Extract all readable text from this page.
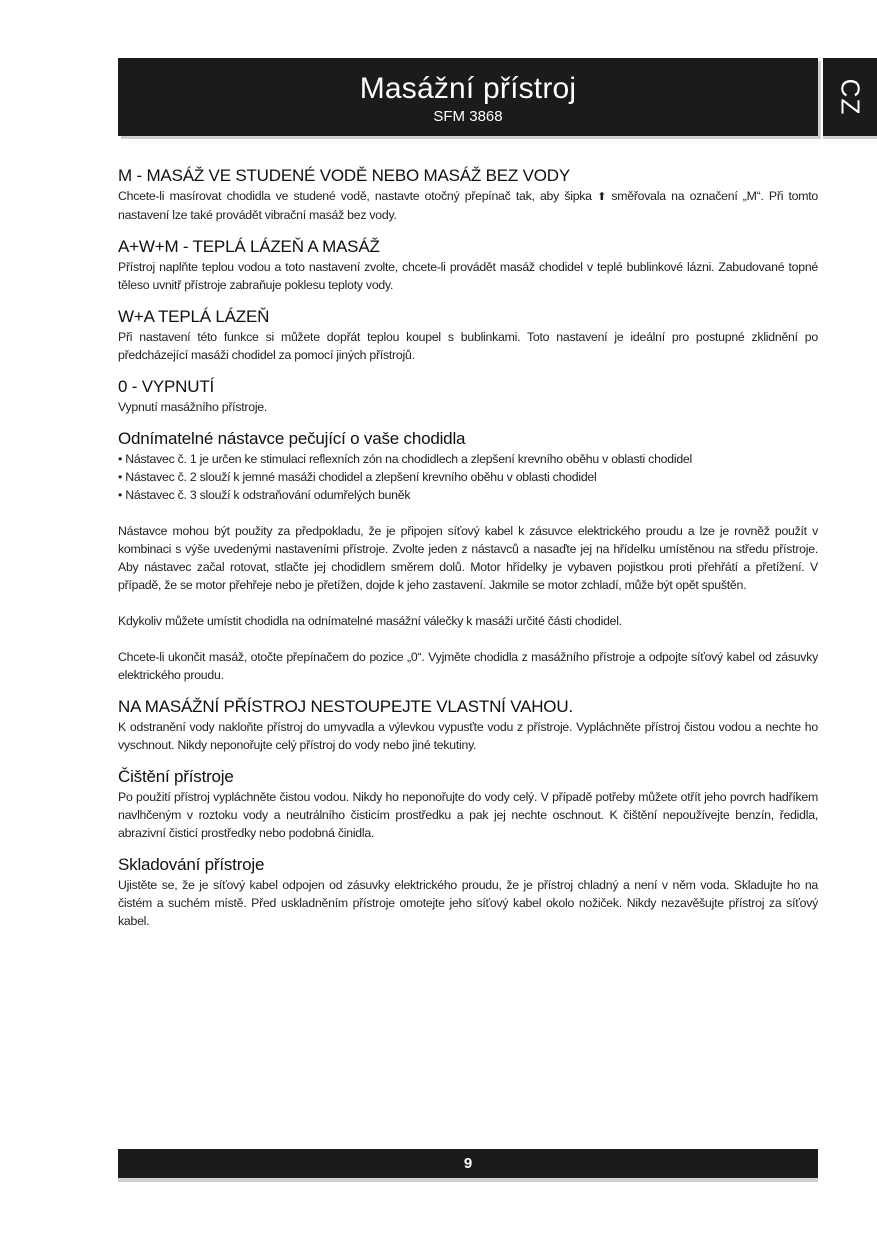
Masážní přístroj
SFM 3868
CZ
M - MASÁŽ VE STUDENÉ VODĚ NEBO MASÁŽ BEZ VODY

Chcete-li masírovat chodidla ve studené vodě, nastavte otočný přepínač tak, aby šipka ⬆ směřovala na označení „M“. Při tomto nastavení lze také provádět vibrační masáž bez vody.

A+W+M - TEPLÁ LÁZEŇ A MASÁŽ

Přístroj naplňte teplou vodou a toto nastavení zvolte, chcete-li provádět masáž chodidel v teplé bublinkové lázni. Zabudované topné těleso uvnitř přístroje zabraňuje poklesu teploty vody.

W+A TEPLÁ LÁZEŇ

Při nastavení této funkce si můžete dopřát teplou koupel s bublinkami. Toto nastavení je ideální pro postupné zklidnění po předcházející masáži chodidel za pomocí jiných přístrojů.

0 - VYPNUTÍ

Vypnutí masážního přístroje.

Odnímatelné nástavce pečující o vaše chodidla
• Nástavec č. 1 je určen ke stimulaci reflexních zón na chodidlech a zlepšení krevního oběhu v oblasti chodidel
• Nástavec č. 2 slouží k jemné masáži chodidel a zlepšení krevního oběhu v oblasti chodidel
• Nástavec č. 3 slouží k odstraňování odumřelých buněk

Nástavce mohou být použity za předpokladu, že je připojen síťový kabel k zásuvce elektrického proudu a lze je rovněž použít v kombinaci s výše uvedenými nastaveními přístroje. Zvolte jeden z nástavců a nasaďte jej na hřídelku umístěnou na středu přístroje. Aby nástavec začal rotovat, stlačte jej chodidlem směrem dolů. Motor hřídelky je vybaven pojistkou proti přehřátí a přetížení. V případě, že se motor přehřeje nebo je přetížen, dojde k jeho zastavení. Jakmile se motor zchladí, může být opět spuštěn.

Kdykoliv můžete umístit chodidla na odnímatelné masážní válečky k masáži určité části chodidel.

Chcete-li ukončit masáž, otočte přepínačem do pozice „0“. Vyjměte chodidla z masážního přístroje a odpojte síťový kabel od zásuvky elektrického proudu.

NA MASÁŽNÍ PŘÍSTROJ NESTOUPEJTE VLASTNÍ VAHOU.

K odstranění vody nakloňte přístroj do umyvadla a výlevkou vypusťte vodu z přístroje. Vypláchněte přístroj čistou vodou a nechte ho vyschnout. Nikdy neponořujte celý přístroj do vody nebo jiné tekutiny.

Čištění přístroje

Po použití přístroj vypláchněte čistou vodou. Nikdy ho neponořujte do vody celý. V případě potřeby můžete otřít jeho povrch hadříkem navlhčeným v roztoku vody a neutrálního čisticím prostředku a pak jej nechte oschnout. K čištění nepoužívejte benzín, ředidla, abrazivní čisticí prostředky nebo podobná činidla.

Skladování přístroje

Ujistěte se, že je síťový kabel odpojen od zásuvky elektrického proudu, že je přístroj chladný a není v něm voda. Skladujte ho na čistém a suchém místě. Před uskladněním přístroje omotejte jeho síťový kabel okolo nožiček. Nikdy nezavěšujte přístroj za síťový kabel.

9
